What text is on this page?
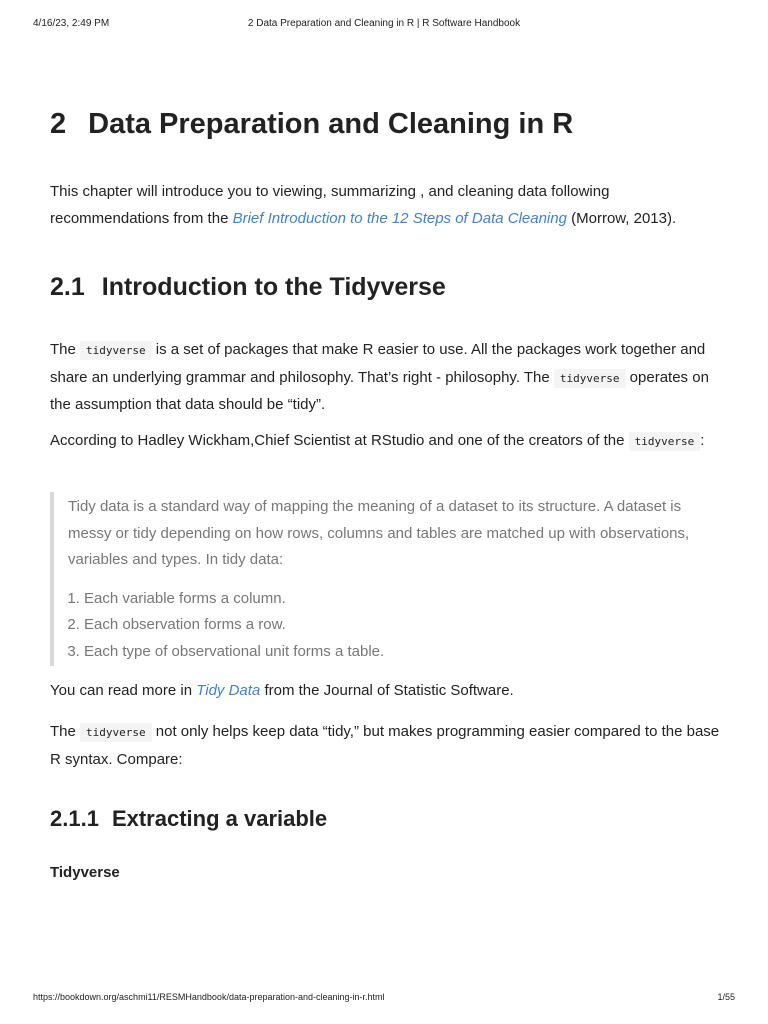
4/16/23, 2:49 PM	2 Data Preparation and Cleaning in R | R Software Handbook
2 Data Preparation and Cleaning in R

This chapter will introduce you to viewing, summarizing , and cleaning data following recommendations from the Brief Introduction to the 12 Steps of Data Cleaning (Morrow, 2013).

2.1 Introduction to the Tidyverse

The tidyverse is a set of packages that make R easier to use. All the packages work together and share an underlying grammar and philosophy. That’s right - philosophy. The tidyverse operates on the assumption that data should be “tidy”.

According to Hadley Wickham,Chief Scientist at RStudio and one of the creators of the tidyverse :

Tidy data is a standard way of mapping the meaning of a dataset to its structure. A dataset is messy or tidy depending on how rows, columns and tables are matched up with observations, variables and types. In tidy data:

1. Each variable forms a column.
2. Each observation forms a row.
3. Each type of observational unit forms a table.

You can read more in Tidy Data from the Journal of Statistic Software.

The tidyverse not only helps keep data “tidy,” but makes programming easier compared to the base R syntax. Compare:

2.1.1 Extracting a variable
Tidyverse
https://bookdown.org/aschmi11/RESMHandbook/data-preparation-and-cleaning-in-r.html	1/55
